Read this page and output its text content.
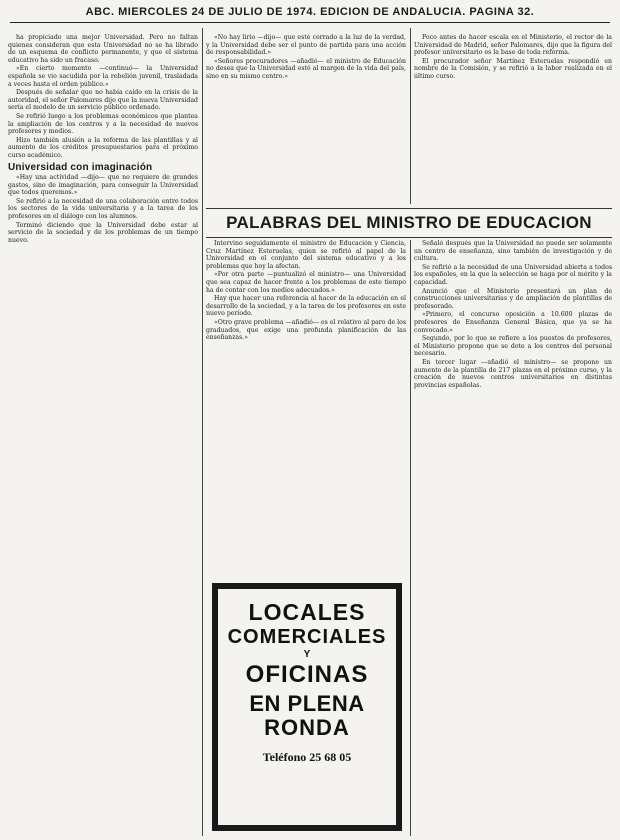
ABC. MIERCOLES 24 DE JULIO DE 1974. EDICION DE ANDALUCIA. PAGINA 32.

ha propiciado una mejor Universidad. Pero no faltan quienes consideran que esta Universidad no se ha librado de un esquema de conflicto permanente, y que el sistema educativo ha sido un fracaso.

«En cierto momento —continuó— la Universidad española se vio sacudida por la rebelión juvenil, trasladada a veces hasta el orden público.»

Después de señalar que no había caído en la crisis de la autoridad, el señor Palomares dijo que la nueva Universidad sería el modelo de un servicio público ordenado.

Se refirió luego a los problemas económicos que plantea la ampliación de los centros y a la necesidad de nuevos profesores y medios.

Hizo también alusión a la reforma de las plantillas y al aumento de los créditos presupuestarios para el próximo curso académico.

Universidad con imaginación

«Hay una actividad —dijo— que no requiere de grandes gastos, sino de imaginación, para conseguir la Universidad que todos queremos.»

Se refirió a la necesidad de una colaboración entre todos los sectores de la vida universitaria y a la tarea de los profesores en el diálogo con los alumnos.

Terminó diciendo que la Universidad debe estar al servicio de la sociedad y de los problemas de un tiempo nuevo.

«No hay lirio —dijo— que esté cerrado a la luz de la verdad, y la Universidad debe ser el punto de partida para una acción de responsabilidad.»

«Señores procuradores —añadió— el ministro de Educación no desea que la Universidad esté al margen de la vida del país, sino en su mismo centro.»

Poco antes de hacer escala en el Ministerio, el rector de la Universidad de Madrid, señor Palomares, dijo que la figura del profesor universitario es la base de toda reforma.

El procurador señor Martínez Esteruelas respondió en nombre de la Comisión, y se refirió a la labor realizada en el último curso.

PALABRAS DEL MINISTRO DE EDUCACION

Intervino seguidamente el ministro de Educación y Ciencia, Cruz Martínez Esteruelas, quien se refirió al papel de la Universidad en el conjunto del sistema educativo y a los problemas que hoy la afectan.

«Por otra parte —puntualizó el ministro— una Universidad que sea capaz de hacer frente a los problemas de este tiempo ha de contar con los medios adecuados.»

Hay que hacer una referencia al hacer de la educación en el desarrollo de la sociedad, y a la tarea de los profesores en este nuevo período.

«Otro grave problema —añadió— es el relativo al paro de los graduados, que exige una profunda planificación de las enseñanzas.»

Señaló después que la Universidad no puede ser solamente un centro de enseñanza, sino también de investigación y de cultura.

Se refirió a la necesidad de una Universidad abierta a todos los españoles, en la que la selección se haga por el mérito y la capacidad.

Anunció que el Ministerio presentará un plan de construcciones universitarias y de ampliación de plantillas de profesorado.

«Primero, el concurso oposición a 10.600 plazas de profesores de Enseñanza General Básica, que ya se ha convocado.»

Segundo, por lo que se refiere a los puestos de profesores, el Ministerio propone que se dote a los centros del personal necesario.

En tercer lugar —añadió el ministro— se propone un aumento de la plantilla de 217 plazas en el próximo curso, y la creación de nuevos centros universitarios en distintas provincias españolas.

LOCALES
COMERCIALES
Y
OFICINAS
EN PLENA
RONDA
Teléfono 25 68 05
